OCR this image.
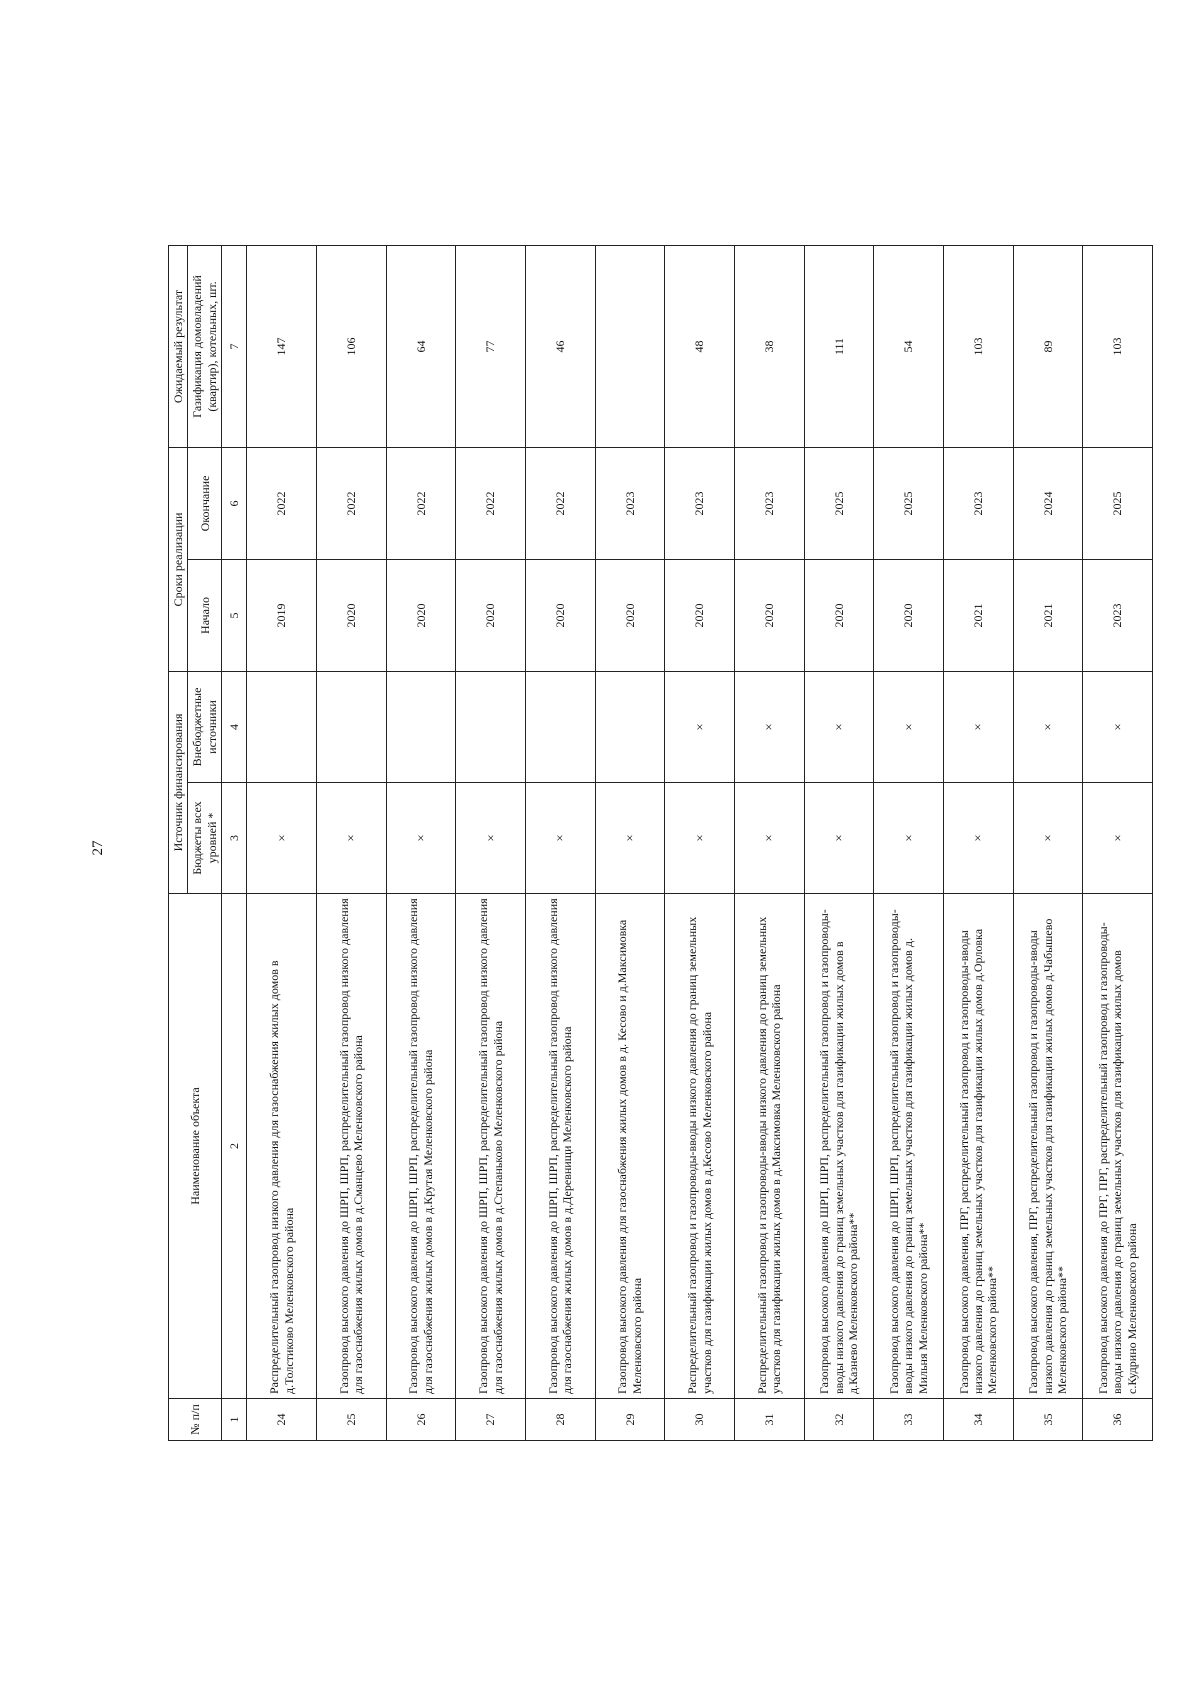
27
№ п/п	Наименование объекта	Источник финансирования		Сроки реализации		Ожидаемый результат
		Бюджеты всех уровней *	Внебюджетные источники	Начало	Окончание	Газификация домовладений (квартир), котельных, шт.
1	2	3	4	5	6	7
24	Распределительный газопровод низкого давления для газоснабжения жилых домов в д.Толстиково Меленковского района	×		2019	2022	147
25	Газопровод высокого давления до ШРП, ШРП, распределительный газопровод низкого давления для газоснабжения жилых домов в д.Сманцево Меленковского района	×		2020	2022	106
26	Газопровод высокого давления до ШРП, ШРП, распределительный газопровод низкого давления для газоснабжения жилых домов в д.Крутая Меленковского района	×		2020	2022	64
27	Газопровод высокого давления до ШРП, ШРП, распределительный газопровод низкого давления для газоснабжения жилых домов в д.Степаньково Меленковского района	×		2020	2022	77
28	Газопровод высокого давления до ШРП, ШРП, распределительный газопровод низкого давления для газоснабжения жилых домов в д.Деревнищи Меленковского района	×		2020	2022	46
29	Газопровод высокого давления для газоснабжения жилых домов в д. Кесово и д.Максимовка Меленковского района	×		2020	2023	
30	Распределительный газопровод и газопроводы-вводы низкого давления до границ земельных участков для газификации жилых домов в д.Кесово Меленковского района	×	×	2020	2023	48
31	Распределительный газопровод и газопроводы-вводы низкого давления до границ земельных участков для газификации жилых домов в д.Максимовка Меленковского района	×	×	2020	2023	38
32	Газопровод высокого давления до ШРП, ШРП, распределительный газопровод и газопроводы-вводы низкого давления до границ земельных участков для газификации жилых домов в д.Казнево Меленковского района**	×	×	2020	2025	111
33	Газопровод высокого давления до ШРП, ШРП, распределительный газопровод и газопроводы-вводы низкого давления до границ земельных участков для газификации жилых домов д. Мильня Меленковского района**	×	×	2020	2025	54
34	Газопровод высокого давления, ПРГ, распределительный газопровод и газопроводы-вводы низкого давления до границ земельных участков для газификации жилых домов д.Орловка Меленковского района**	×	×	2021	2023	103
35	Газопровод высокого давления, ПРГ, распределительный газопровод и газопроводы-вводы низкого давления до границ земельных участков для газификации жилых домов д.Чабышево Меленковского района**	×	×	2021	2024	89
36	Газопровод высокого давления до ПРГ, ПРГ, распределительный газопровод и газопроводы-вводы низкого давления до границ земельных участков для газификации жилых домов с.Кудрино Меленковского района	×	×	2023	2025	103
